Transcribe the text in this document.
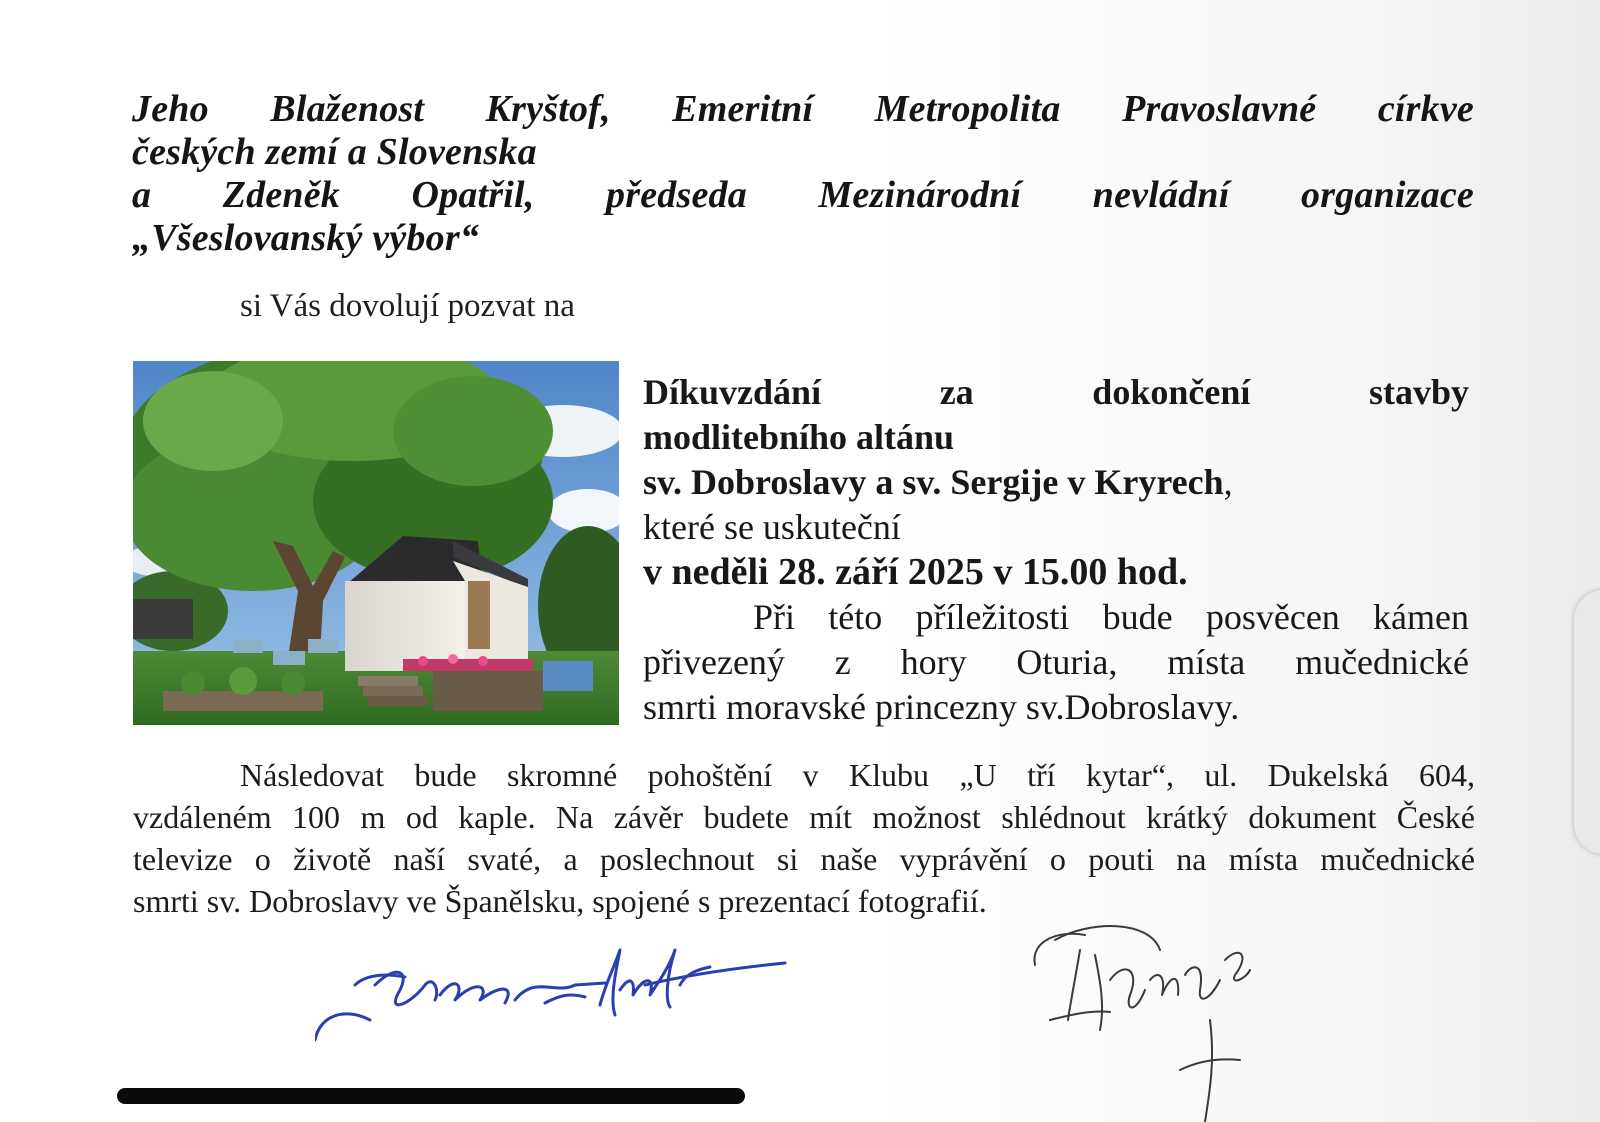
Jeho Blaženost Kryštof, Emeritní Metropolita Pravoslavné církve
českých zemí a Slovenska
a Zdeněk Opatřil, předseda Mezinárodní nevládní organizace
„Všeslovanský výbor“
si Vás dovolují pozvat na
Díkuvzdání za dokončení stavby
modlitebního altánu
sv. Dobroslavy a sv. Sergije v Kryrech,
které se uskuteční
v neděli 28. září 2025 v 15.00 hod.
Při této příležitosti bude posvěcen kámen
přivezený z hory Oturia, místa mučednické
smrti moravské princezny sv.Dobroslavy.
Následovat bude skromné pohoštění v Klubu „U tří kytar“, ul. Dukelská 604,
vzdáleném 100 m od kaple. Na závěr budete mít možnost shlédnout krátký dokument České
televize o životě naší svaté, a poslechnout si naše vyprávění o pouti na místa mučednické
smrti sv. Dobroslavy ve Španělsku, spojené s prezentací fotografií.
